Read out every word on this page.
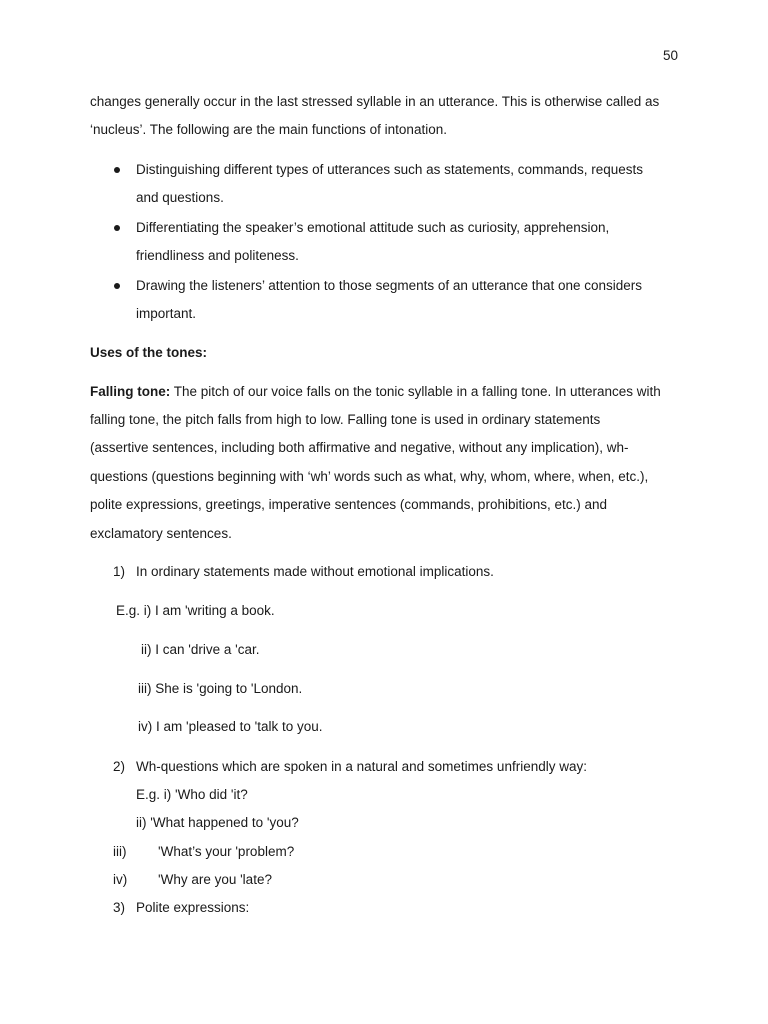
50
changes generally occur in the last stressed syllable in an utterance. This is otherwise called as
‘nucleus’. The following are the main functions of intonation.
Distinguishing different types of utterances such as statements, commands, requests
and questions.
Differentiating the speaker’s emotional attitude such as curiosity, apprehension,
friendliness and politeness.
Drawing the listeners’ attention to those segments of an utterance that one considers
important.
Uses of the tones:
Falling tone: The pitch of our voice falls on the tonic syllable in a falling tone. In utterances with
falling tone, the pitch falls from high to low. Falling tone is used in ordinary statements
(assertive sentences, including both affirmative and negative, without any implication), wh-
questions (questions beginning with ‘wh’ words such as what, why, whom, where, when, etc.),
polite expressions, greetings, imperative sentences (commands, prohibitions, etc.) and
exclamatory sentences.
1) In ordinary statements made without emotional implications.
E.g. i) I am 'writing a book.
ii) I can 'drive a 'car.
iii) She is 'going to 'London.
iv) I am 'pleased to 'talk to you.
2) Wh-questions which are spoken in a natural and sometimes unfriendly way:
E.g. i) 'Who did 'it?
ii) 'What happened to 'you?
iii) 'What’s your 'problem?
iv) 'Why are you 'late?
3) Polite expressions:
